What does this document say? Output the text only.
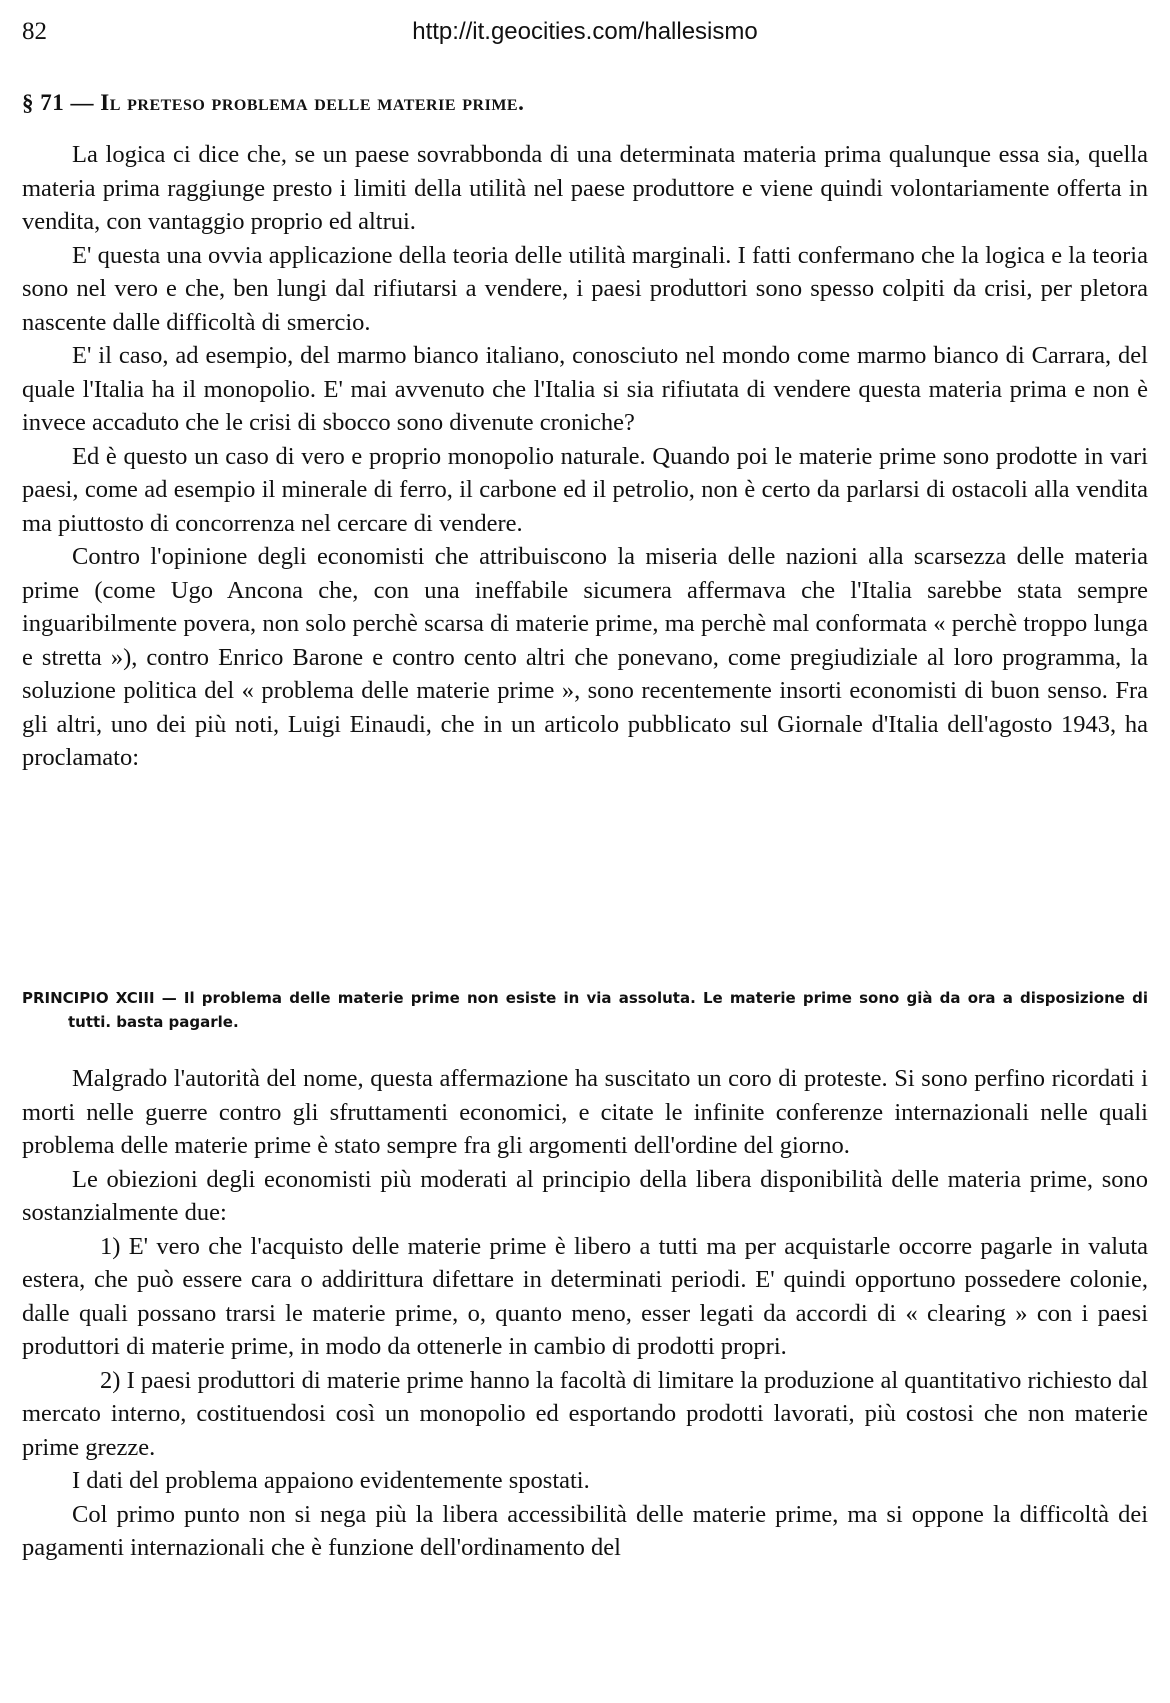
82	http://it.geocities.com/hallesismo
§ 71 — Il preteso problema delle materie prime.

La logica ci dice che, se un paese sovrabbonda di una determinata materia prima qualunque essa sia, quella materia prima raggiunge presto i limiti della utilità nel paese produttore e viene quindi volontariamente offerta in vendita, con vantaggio proprio ed altrui.

E' questa una ovvia applicazione della teoria delle utilità marginali. I fatti confermano che la logica e la teoria sono nel vero e che, ben lungi dal rifiutarsi a vendere, i paesi produttori sono spesso colpiti da crisi, per pletora nascente dalle difficoltà di smercio.

E' il caso, ad esempio, del marmo bianco italiano, conosciuto nel mondo come marmo bianco di Carrara, del quale l'Italia ha il monopolio. E' mai avvenuto che l'Italia si sia rifiutata di vendere questa materia prima e non è invece accaduto che le crisi di sbocco sono divenute croniche?

Ed è questo un caso di vero e proprio monopolio naturale. Quando poi le materie prime sono prodotte in vari paesi, come ad esempio il minerale di ferro, il carbone ed il petrolio, non è certo da parlarsi di ostacoli alla vendita ma piuttosto di concorrenza nel cercare di vendere.

Contro l'opinione degli economisti che attribuiscono la miseria delle nazioni alla scarsezza delle materia prime (come Ugo Ancona che, con una ineffabile sicumera affermava che l'Italia sarebbe stata sempre inguaribilmente povera, non solo perchè scarsa di materie prime, ma perchè mal conformata « perchè troppo lunga e stretta »), contro Enrico Barone e contro cento altri che ponevano, come pregiudiziale al loro programma, la soluzione politica del « problema delle materie prime », sono recentemente insorti economisti di buon senso. Fra gli altri, uno dei più noti, Luigi Einaudi, che in un articolo pubblicato sul Giornale d'Italia dell'agosto 1943, ha proclamato:

PRINCIPIO XCIII — Il problema delle materie prime non esiste in via assoluta. Le materie prime sono già da ora a disposizione di tutti. basta pagarle.

Malgrado l'autorità del nome, questa affermazione ha suscitato un coro di proteste. Si sono perfino ricordati i morti nelle guerre contro gli sfruttamenti economici, e citate le infinite conferenze internazionali nelle quali problema delle materie prime è stato sempre fra gli argomenti dell'ordine del giorno.

Le obiezioni degli economisti più moderati al principio della libera disponibilità delle materia prime, sono sostanzialmente due:

1) E' vero che l'acquisto delle materie prime è libero a tutti ma per acquistarle occorre pagarle in valuta estera, che può essere cara o addirittura difettare in determinati periodi. E' quindi opportuno possedere colonie, dalle quali possano trarsi le materie prime, o, quanto meno, esser legati da accordi di « clearing » con i paesi produttori di materie prime, in modo da ottenerle in cambio di prodotti propri.

2) I paesi produttori di materie prime hanno la facoltà di limitare la produzione al quantitativo richiesto dal mercato interno, costituendosi così un monopolio ed esportando prodotti lavorati, più costosi che non materie prime grezze.

I dati del problema appaiono evidentemente spostati.

Col primo punto non si nega più la libera accessibilità delle materie prime, ma si oppone la difficoltà dei pagamenti internazionali che è funzione dell'ordinamento del
